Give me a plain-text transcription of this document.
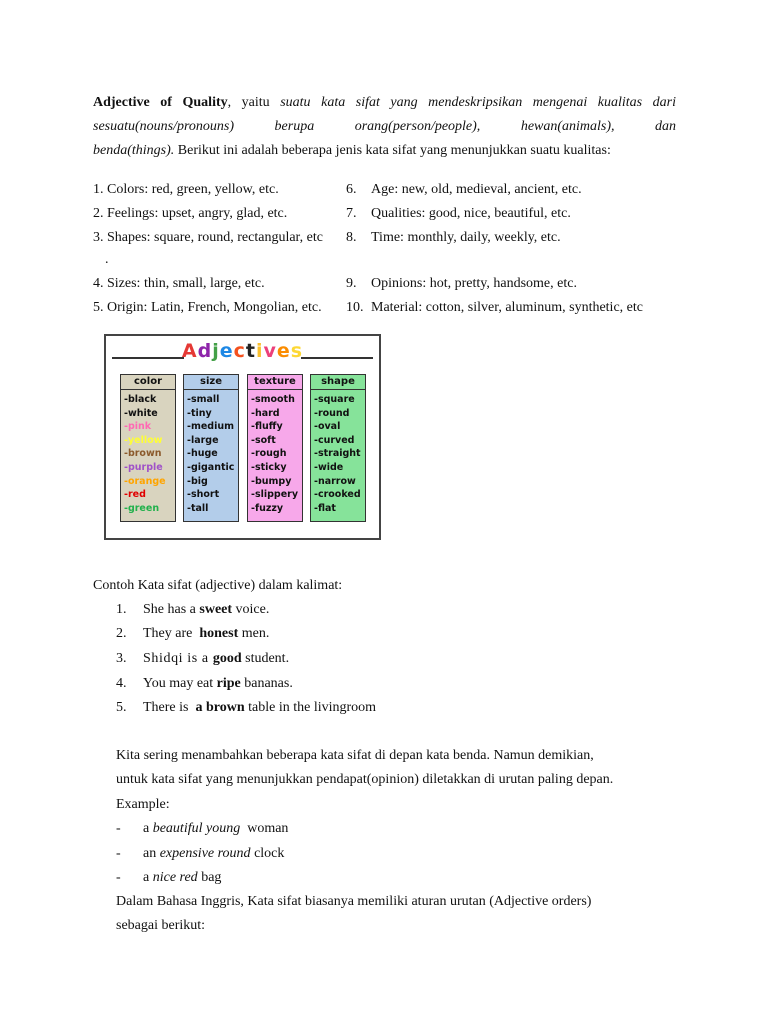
Adjective of Quality, yaitu suatu kata sifat yang mendeskripsikan mengenai kualitas dari
sesuatu(nouns/pronouns)	berupa	orang(person/people),	hewan(animals),	dan
benda(things). Berikut ini adalah beberapa jenis kata sifat yang menunjukkan suatu kualitas:
1. Colors: red, green, yellow, etc.
2. Feelings: upset, angry, glad, etc.
3. Shapes: square, round, rectangular, etc
.
4. Sizes: thin, small, large, etc.
5. Origin: Latin, French, Mongolian, etc.
6. Age: new, old, medieval, ancient, etc.
7. Qualities: good, nice, beautiful, etc.
8. Time: monthly, daily, weekly, etc.
9. Opinions: hot, pretty, handsome, etc.
10. Material: cotton, silver, aluminum, synthetic, etc
Adjectives
color
-black
-white
-pink
-yellow
-brown
-purple
-orange
-red
-green
size
-small
-tiny
-medium
-large
-huge
-gigantic
-big
-short
-tall
texture
-smooth
-hard
-fluffy
-soft
-rough
-sticky
-bumpy
-slippery
-fuzzy
shape
-square
-round
-oval
-curved
-straight
-wide
-narrow
-crooked
-flat
Contoh Kata sifat (adjective) dalam kalimat:
1. She has a sweet voice.
2. They are  honest men.
3. Shidqi is a good student.
4. You may eat ripe bananas.
5. There is  a brown table in the livingroom
Kita sering menambahkan beberapa kata sifat di depan kata benda. Namun demikian,
untuk kata sifat yang menunjukkan pendapat(opinion) diletakkan di urutan paling depan.
Example:
- a beautiful young  woman
- an expensive round clock
- a nice red bag
Dalam Bahasa Inggris, Kata sifat biasanya memiliki aturan urutan (Adjective orders)
sebagai berikut:
